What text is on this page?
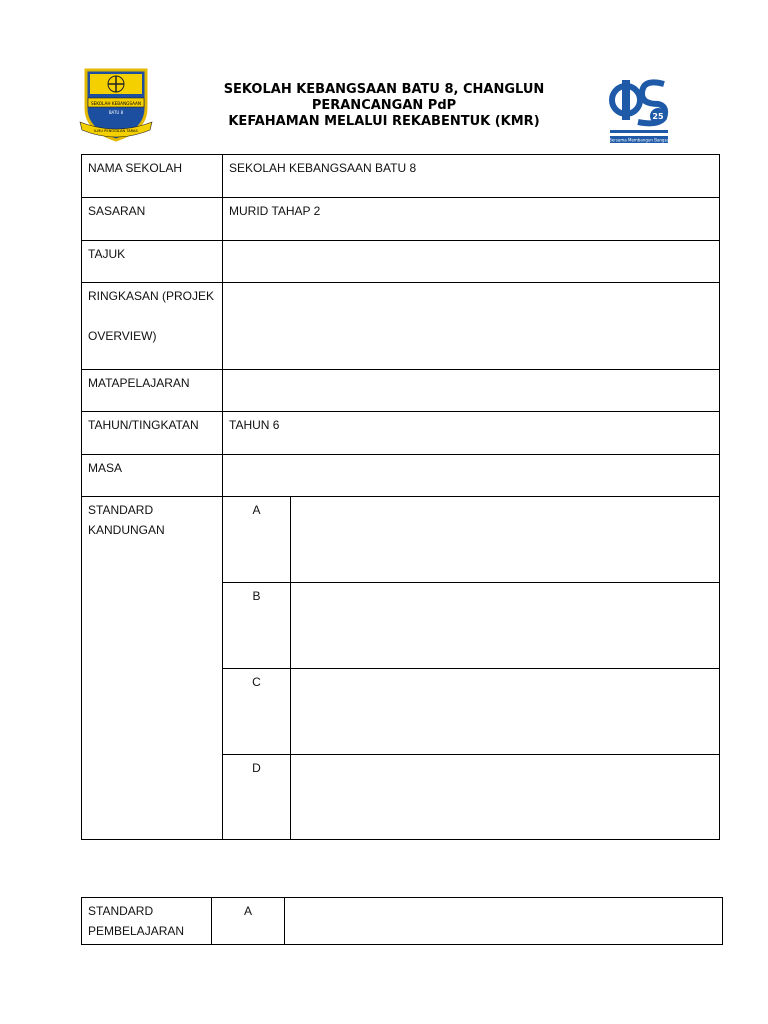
SEKOLAH KEBANGSAAN
BATU 8
ILMU PENGGILAN TARAS
SEKOLAH KEBANGSAAN BATU 8, CHANGLUN
PERANCANGAN PdP
KEFAHAMAN MELALUI REKABENTUK (KMR)	25
Bersama Membangun Bangsa
NAMA SEKOLAH	SEKOLAH KEBANGSAAN BATU 8	
SASARAN	MURID TAHAP 2	
TAJUK		
RINGKASAN (PROJEK

OVERVIEW)		
MATAPELAJARAN		
TAHUN/TINGKATAN	TAHUN 6	
MASA		
STANDARD KANDUNGAN	A	
	B	
	C	
	D	
STANDARD PEMBELAJARAN	A	
